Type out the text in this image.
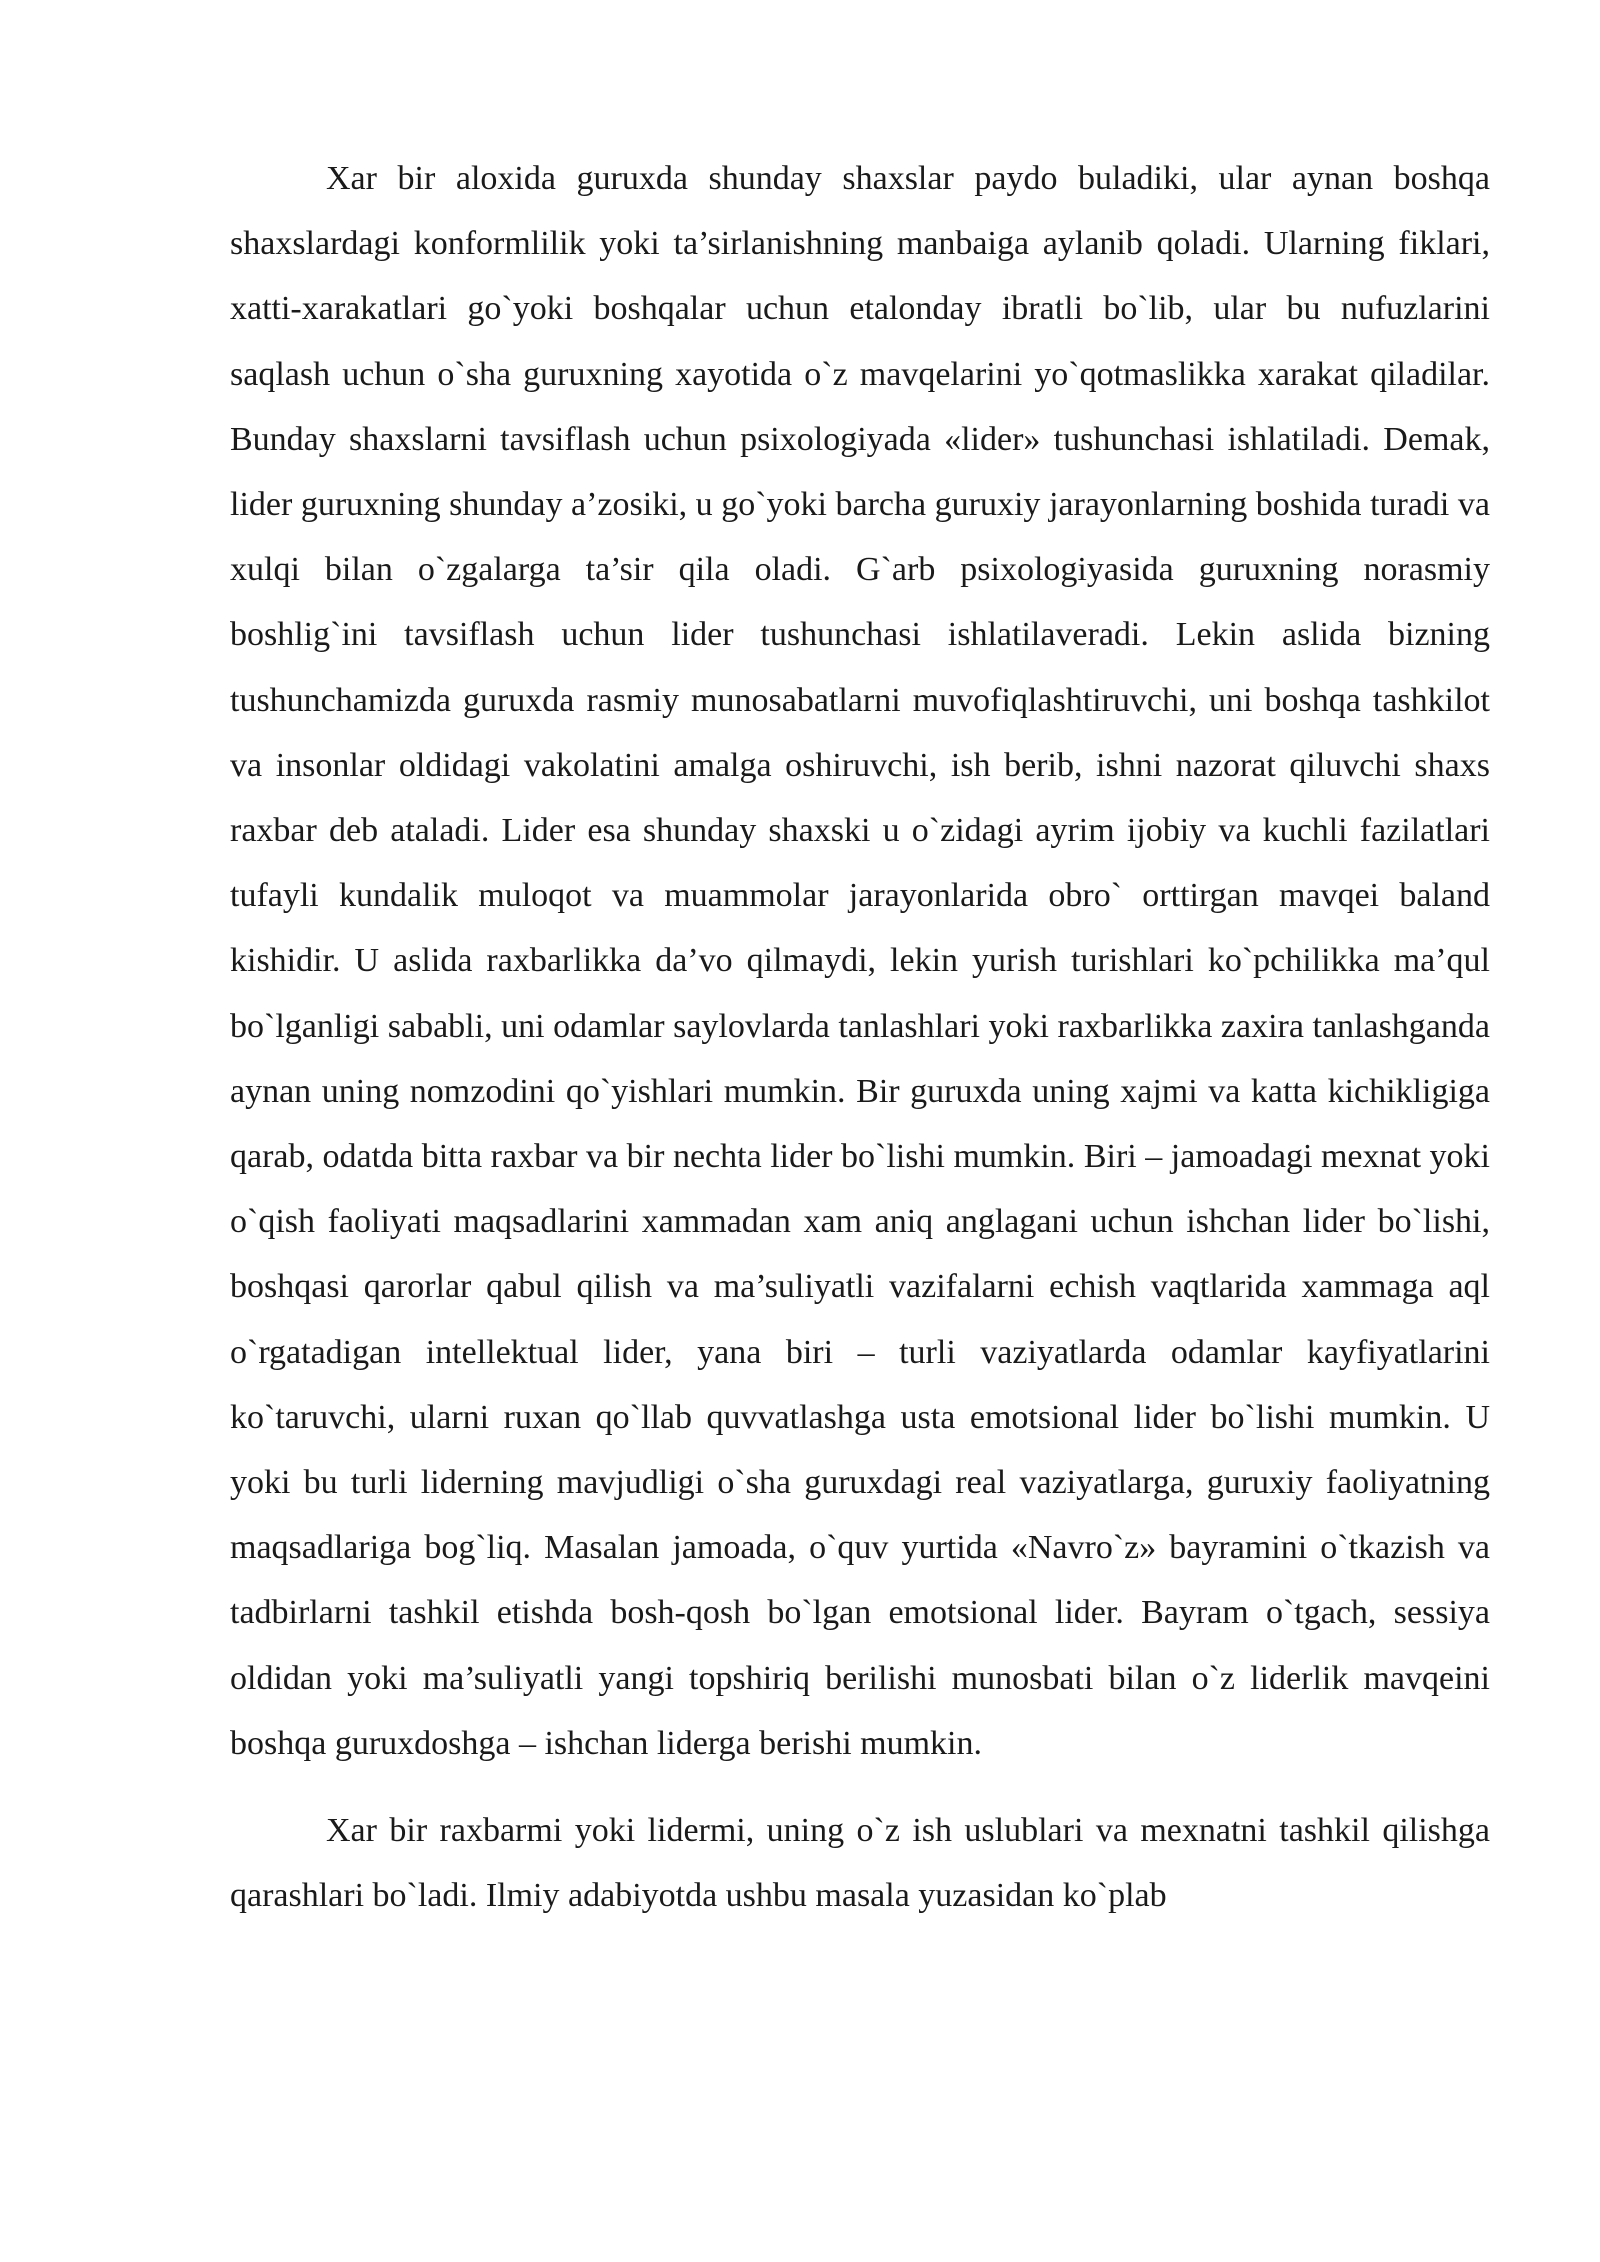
Xar bir aloxida guruxda shunday shaxslar paydo buladiki, ular aynan boshqa shaxslardagi konformlilik yoki ta’sirlanishning manbaiga aylanib qoladi. Ularning fiklari, xatti-xarakatlari go`yoki boshqalar uchun etalonday ibratli bo`lib, ular bu nufuzlarini saqlash uchun o`sha guruxning xayotida o`z mavqelarini yo`qotmaslikka xarakat qiladilar. Bunday shaxslarni tavsiflash uchun psixologiyada «lider» tushunchasi ishlatiladi. Demak, lider guruxning shunday a’zosiki, u go`yoki barcha guruxiy jarayonlarning boshida turadi va xulqi bilan o`zgalarga ta’sir qila oladi. G`arb psixologiyasida guruxning norasmiy boshlig`ini tavsiflash uchun lider tushunchasi ishlatilaveradi. Lekin aslida bizning tushunchamizda guruxda rasmiy munosabatlarni muvofiqlashtiruvchi, uni boshqa tashkilot va insonlar oldidagi vakolatini amalga oshiruvchi, ish berib, ishni nazorat qiluvchi shaxs raxbar deb ataladi. Lider esa shunday shaxski u o`zidagi ayrim ijobiy va kuchli fazilatlari tufayli kundalik muloqot va muammolar jarayonlarida obro` orttirgan mavqei baland kishidir. U aslida raxbarlikka da’vo qilmaydi, lekin yurish turishlari ko`pchilikka ma’qul bo`lganligi sababli, uni odamlar saylovlarda tanlashlari yoki raxbarlikka zaxira tanlashganda aynan uning nomzodini qo`yishlari mumkin. Bir guruxda uning xajmi va katta kichikligiga qarab, odatda bitta raxbar va bir nechta lider bo`lishi mumkin. Biri – jamoadagi mexnat yoki o`qish faoliyati maqsadlarini xammadan xam aniq anglagani uchun ishchan lider bo`lishi, boshqasi qarorlar qabul qilish va ma’suliyatli vazifalarni echish vaqtlarida xammaga aql o`rgatadigan intellektual lider, yana biri – turli vaziyatlarda odamlar kayfiyatlarini ko`taruvchi, ularni ruxan qo`llab quvvatlashga usta emotsional lider bo`lishi mumkin. U yoki bu turli liderning mavjudligi o`sha guruxdagi real vaziyatlarga, guruxiy faoliyatning maqsadlariga bog`liq. Masalan jamoada, o`quv yurtida «Navro`z» bayramini o`tkazish va tadbirlarni tashkil etishda bosh-qosh bo`lgan emotsional lider. Bayram o`tgach, sessiya oldidan yoki ma’suliyatli yangi topshiriq berilishi munosbati bilan o`z liderlik mavqeini boshqa guruxdoshga – ishchan liderga berishi mumkin.

Xar bir raxbarmi yoki lidermi, uning o`z ish uslublari va mexnatni tashkil qilishga qarashlari bo`ladi. Ilmiy adabiyotda ushbu masala yuzasidan ko`plab
